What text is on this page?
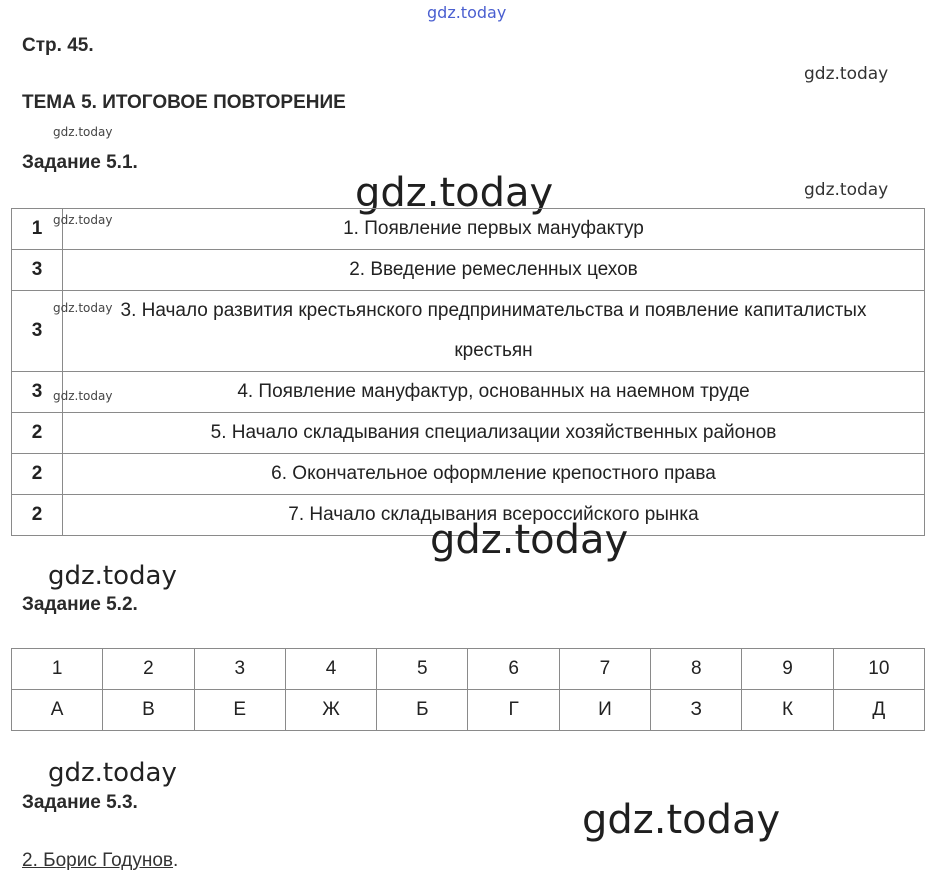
gdz.today
gdz.today
gdz.today
gdz.today
gdz.today
Стр. 45.
ТЕМА 5. ИТОГОВОЕ ПОВТОРЕНИЕ
Задание 5.1.
1	1. Появление первых мануфактур
3	2. Введение ремесленных цехов
3	3. Начало развития крестьянского предпринимательства и появление капиталистых крестьян
3	4. Появление мануфактур, основанных на наемном труде
2	5. Начало складывания специализации хозяйственных районов
2	6. Окончательное оформление крепостного права
2	7. Начало складывания всероссийского рынка
gdz.today
gdz.today
gdz.today
gdz.today
gdz.today
Задание 5.2.
1	2	3	4	5	6	7	8	9	10
А	В	Е	Ж	Б	Г	И	З	К	Д
gdz.today
gdz.today
Задание 5.3.
2. Борис Годунов.
